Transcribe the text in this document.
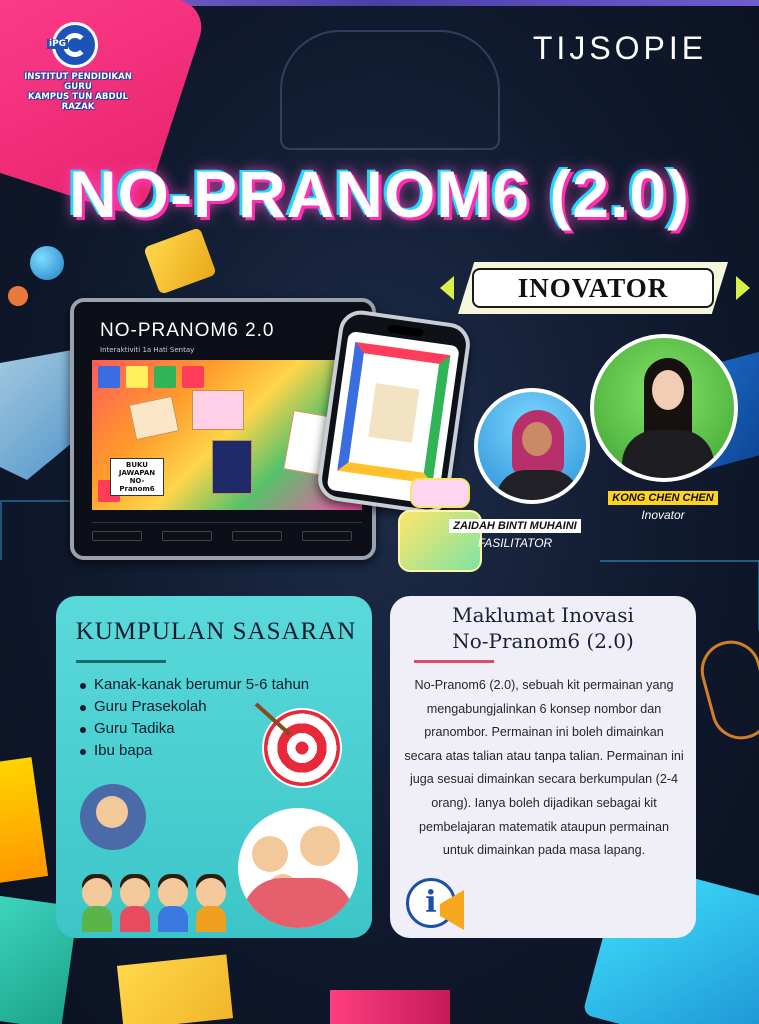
iPG
INSTITUT PENDIDIKAN GURU
KAMPUS TUN ABDUL RAZAK
TIJSOPIE
NO-PRANOM6 (2.0)
INOVATOR
NO-PRANOM6 2.0
Interaktiviti 1a Hati Sentay
BUKU JAWAPAN NO-Pranom6
ZAIDAH BINTI MUHAINI
FASILITATOR
KONG CHEN CHEN
Inovator
KUMPULAN SASARAN
Kanak-kanak berumur 5-6 tahun
Guru Prasekolah
Guru Tadika
Ibu bapa
Maklumat Inovasi
No-Pranom6 (2.0)
No-Pranom6 (2.0), sebuah kit permainan yang mengabungjalinkan 6 konsep nombor dan pranombor. Permainan ini boleh dimainkan secara atas talian atau tanpa talian. Permainan ini juga sesuai dimainkan secara berkumpulan (2-4 orang). Ianya boleh dijadikan sebagai kit pembelajaran matematik ataupun permainan untuk dimainkan pada masa lapang.
i
